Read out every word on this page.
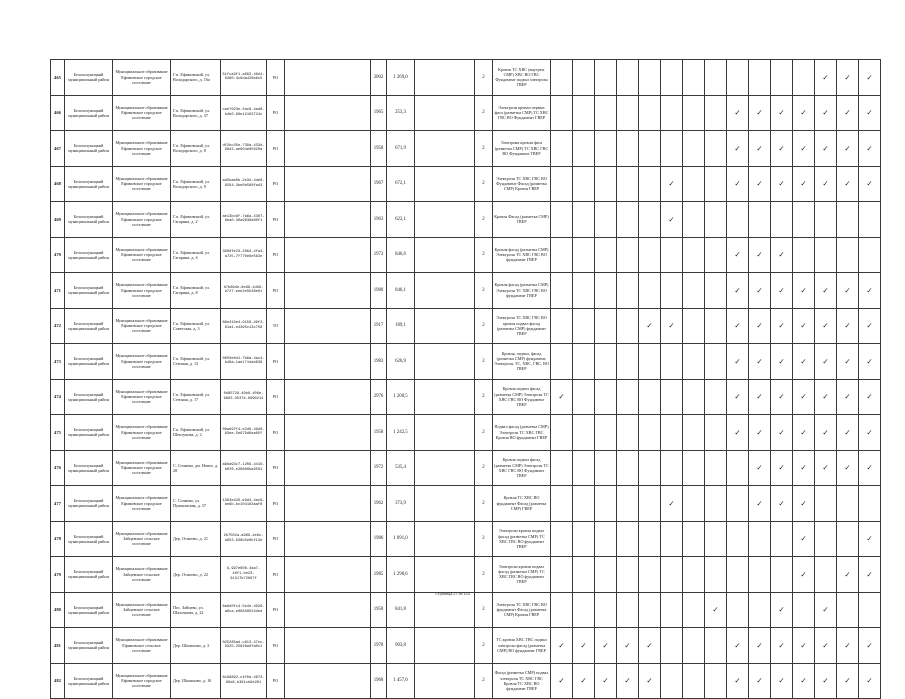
465	Белохолуницкий муниципальный район	Муниципальное образование Ефимовское городское поселение	Г.п. Ефимовский, ул. Володарского, д. 16а	51fca3f1-a093-48d4-9480-4c9da426b6c5	РО		2002	1 269,0		2	Кровля ТС ХВС (внутрен. СМР) ХВС ВО ГВС Фундамент подвал электроэн ГВЕР													✓	✓	✓
466	Белохолуницкий муниципальный район	Муниципальное образование Ефимовское городское поселение	Г.п. Ефимовский, ул. Володарского, д. 37	cae7023e-5ac6-4ad8-b4b0-96e12163724c	РО		1965	253,3		2	Электроэн кровли первых фаса (разметка СМР) ТС ХВС ГВС ВО Фундамент ГВЕР									✓	✓	✓	✓	✓	✓	✓
467	Белохолуницкий муниципальный район	Муниципальное образование Ефимовское городское поселение	Г.п. Ефимовский, ул. Володарского, д. 8	df2bc35e-739a-433d-99d3-ae604e05620a	РО		1958	671,9		2	Электрика кровли фаса (разметка СМР) ТС ХВС ГВС ВО Фундамент ГВЕР									✓	✓	✓	✓	✓	✓	✓
468	Белохолуницкий муниципальный район	Муниципальное образование Ефимовское городское поселение	Г.п. Ефимовский, ул. Володарского, д. 9	ad5baa0b-2e3d-4de8-8294-3be0b580fad3	РО		1967	672,1		2	Электроэн ТС ХВС ГВС ВО Фундамент Фасад (разметка СМР) Кровля ГВЕР						✓			✓	✓	✓	✓	✓	✓	✓
469	Белохолуницкий муниципальный район	Муниципальное образование Ефимовское городское поселение	Г.п. Ефимовский, ул. Гагарина, д. 2	ae13bc9f-7a6a-4307-9ea0-30a9836a60f1	РО		1963	622,1		2	Кровля Фасад (разметка СМР) ГВЕР						✓									
470	Белохолуницкий муниципальный район	Муниципальное образование Ефимовское городское поселение	Г.п. Ефимовский, ул. Гагарина, д. 4	3908fe23-2864-4fa4-a725-7f770e6e563e	РО		1973	846,6		2	Кровля фасад (разметка СМР) Электроэн ТС ХВС ГВС ВО фундамент ГВЕР									✓	✓	✓				
471	Белохолуницкий муниципальный район	Муниципальное образование Ефимовское городское поселение	Г.п. Ефимовский, ул. Гагарина, д. 8	b7b89db-8e99-4db9-b727-eee2e5b38e01	РО		1980	846,1		2	Кровля фасад (разметка СМР) Электроэн ТС ХВС ГВС ВО фундамент ГВЕР									✓	✓	✓	✓	✓	✓	✓
472	Белохолуницкий муниципальный район	Муниципальное образование Ефимовское городское поселение	Г.п. Ефимовский, ул. Советская, д. 3	86e410e4-9156-49f2-91a1-e4395c13c758	ТО		1917	189,1		2	Электроэн ТС ХВС ГВС ВО кровля подвал фасад (разметка СМР) фундамент ГВЕР					✓	✓			✓	✓	✓	✓	✓	✓	✓
473	Белохолуницкий муниципальный район	Муниципальное образование Ефимовское городское поселение	Г.п. Ефимовский, ул. Степная, д. 13	0650e6d1-7b6a-4ac4-b48a-1ae171dab639	РО		1983	626,9		2	Кровля, подвал, фасад (разметка СМР) фундамент, Электроэн, ТС, ХВС, ГВС, ВО ГВЕР									✓	✓	✓	✓	✓	✓	✓
474	Белохолуницкий муниципальный район	Муниципальное образование Ефимовское городское поселение	Г.п. Ефимовский, ул. Степная, д. 17	0d85729-40b8-406e-9983-3537e-0990214	РО		2976	1 200,5		2	Кровля подвал фасад (разметка СМР) Электроэн ТС ХВС ГВС ВО Фундамент ГВЕР	✓								✓	✓	✓	✓	✓	✓	✓
475	Белохолуницкий муниципальный район	Муниципальное образование Ефимовское городское поселение	Г.п. Ефимовский, ул. Шептунова, д. 2	09ad97f4-e2d8-49d0-93ee-5e679d6ea85f	РО		1958	1 242,5		2	Подвал фасад (разметка СМР) Электроэн ТС ХВС ГВС Кровля ВО фундамент ГВЕР									✓	✓	✓	✓	✓	✓	✓
476	Белохолуницкий муниципальный район	Муниципальное образование Ефимовское городское поселение	С. Сочнево, дм. Новое, д. 28	a9ba93c7-1209-4416-b0f6-e28606ba9591	РО		1972	535,4		2	Кровля подвал фасад (разметка СМР) Электроэн ТС ХВС ГВС ВО Фундамент ГВЕР										✓	✓	✓	✓	✓	✓
477	Белохолуницкий муниципальный район	Муниципальное образование Ефимовское городское поселение	С. Сочнево, ул. Пушкинская, д. 37	1393e426-e9d4-4ac9-be9b-bc104183aaf8	РО		1962	373,9		2	Кровля ТС ХВС ВО фундамент Фасад (разметка СМР) ГВЕР						✓				✓	✓	✓			
478	Белохолуницкий муниципальный район	Муниципальное образование Зайцевское сельское поселение	Дер. Осипово, д. 21	2b7502a-a969-4e8c-a953-936b5e6bf13e	РО		1986	1 091,0		2	Электроэн кровля подвал фасад (разметка СМР) ТС ХВС ГВС ВО фундамент ГВЕР												✓			✓
479	Белохолуницкий муниципальный район	Муниципальное образование Зайцевское сельское поселение	Дер. Осипово, д. 22	9,997e608-4aa7-40f1-be23-91317b72667f	РО		1985	1 298,6		2	Электроэн кровли подвал фасад (разметка СМР) ТС ХВС ГВС ВО фундамент ГВЕР												✓		✓	✓
480	Белохолуницкий муниципальный район	Муниципальное образование Зайцевское сельское поселение	Пос. Зайцево, ул. Шалочкова, д. 22	6a6d0fc4-5e4e-4026-a6ca-e08839524ded	РО		1958	841,8		2	Электроэн ТС ХВС ГВС ВО фундамент Фасад (разметка СМР) Кровля ГВЕР								✓			✓		✓		
481	Белохолуницкий муниципальный район	Муниципальное образование Ефимовское сельское поселение	Дер. Шахиново, д. 3	025285ad-c913-47cc-9325-25826e6fa0c1	РО		1978	903,8		2	ТС кровля ХВС ГВС подвал электроэн фасад (разметка СМР) ВО фундамент ГВЕР	✓	✓	✓	✓	✓				✓	✓	✓	✓	✓	✓	✓
482	Белохолуницкий муниципальный район	Муниципальное образование Ефимовское городское поселение	Дер. Шахиново, д. 10	8c98892-c4f0a-4873-99e8-b391cb6e261	РО		1960	1 457,0		2	Фасад (разметка СМР) подвал электроэн ТС ХВС ГВС Кровля ТС ХВС ВО фундамент ГВЕР	✓	✓	✓	✓	✓				✓	✓	✓	✓	✓	✓	✓
Страница 27 из 103
